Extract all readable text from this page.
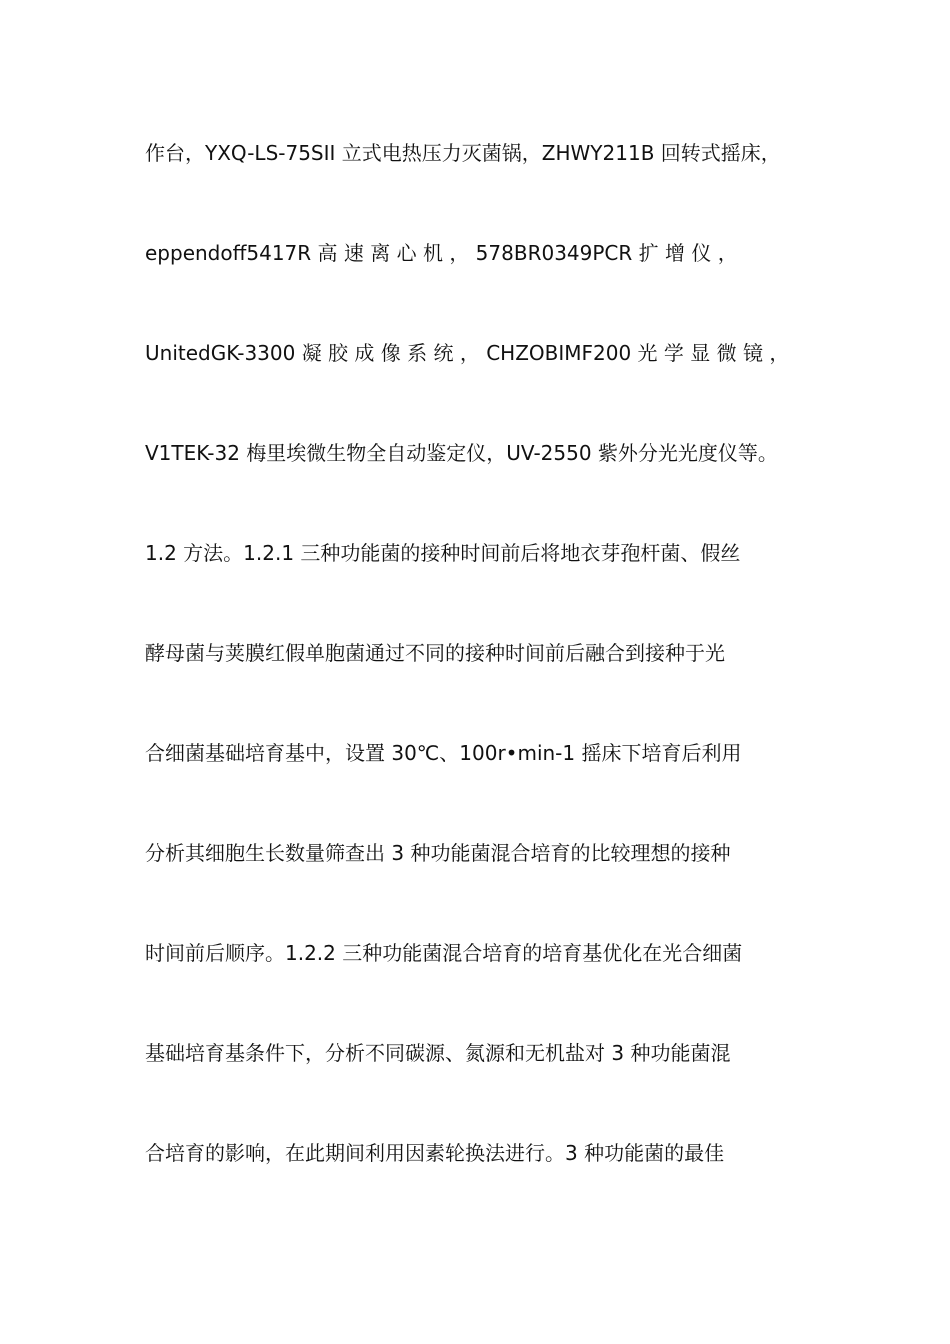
作台，YXQ-LS-75SII 立式电热压力灭菌锅，ZHWY211B 回转式摇床，
eppendoff5417R 高 速 离 心 机 ， 578BR0349PCR 扩 增 仪 ，
UnitedGK-3300 凝 胶 成 像 系 统 ， CHZOBIMF200 光 学 显 微 镜 ，
V1TEK-32 梅里埃微生物全自动鉴定仪，UV-2550 紫外分光光度仪等。
1.2 方法。1.2.1 三种功能菌的接种时间前后将地衣芽孢杆菌、假丝
酵母菌与荚膜红假单胞菌通过不同的接种时间前后融合到接种于光
合细菌基础培育基中，设置 30℃、100r•min-1 摇床下培育后利用
分析其细胞生长数量筛查出 3 种功能菌混合培育的比较理想的接种
时间前后顺序。1.2.2 三种功能菌混合培育的培育基优化在光合细菌
基础培育基条件下，分析不同碳源、氮源和无机盐对 3 种功能菌混
合培育的影响，在此期间利用因素轮换法进行。3 种功能菌的最佳
